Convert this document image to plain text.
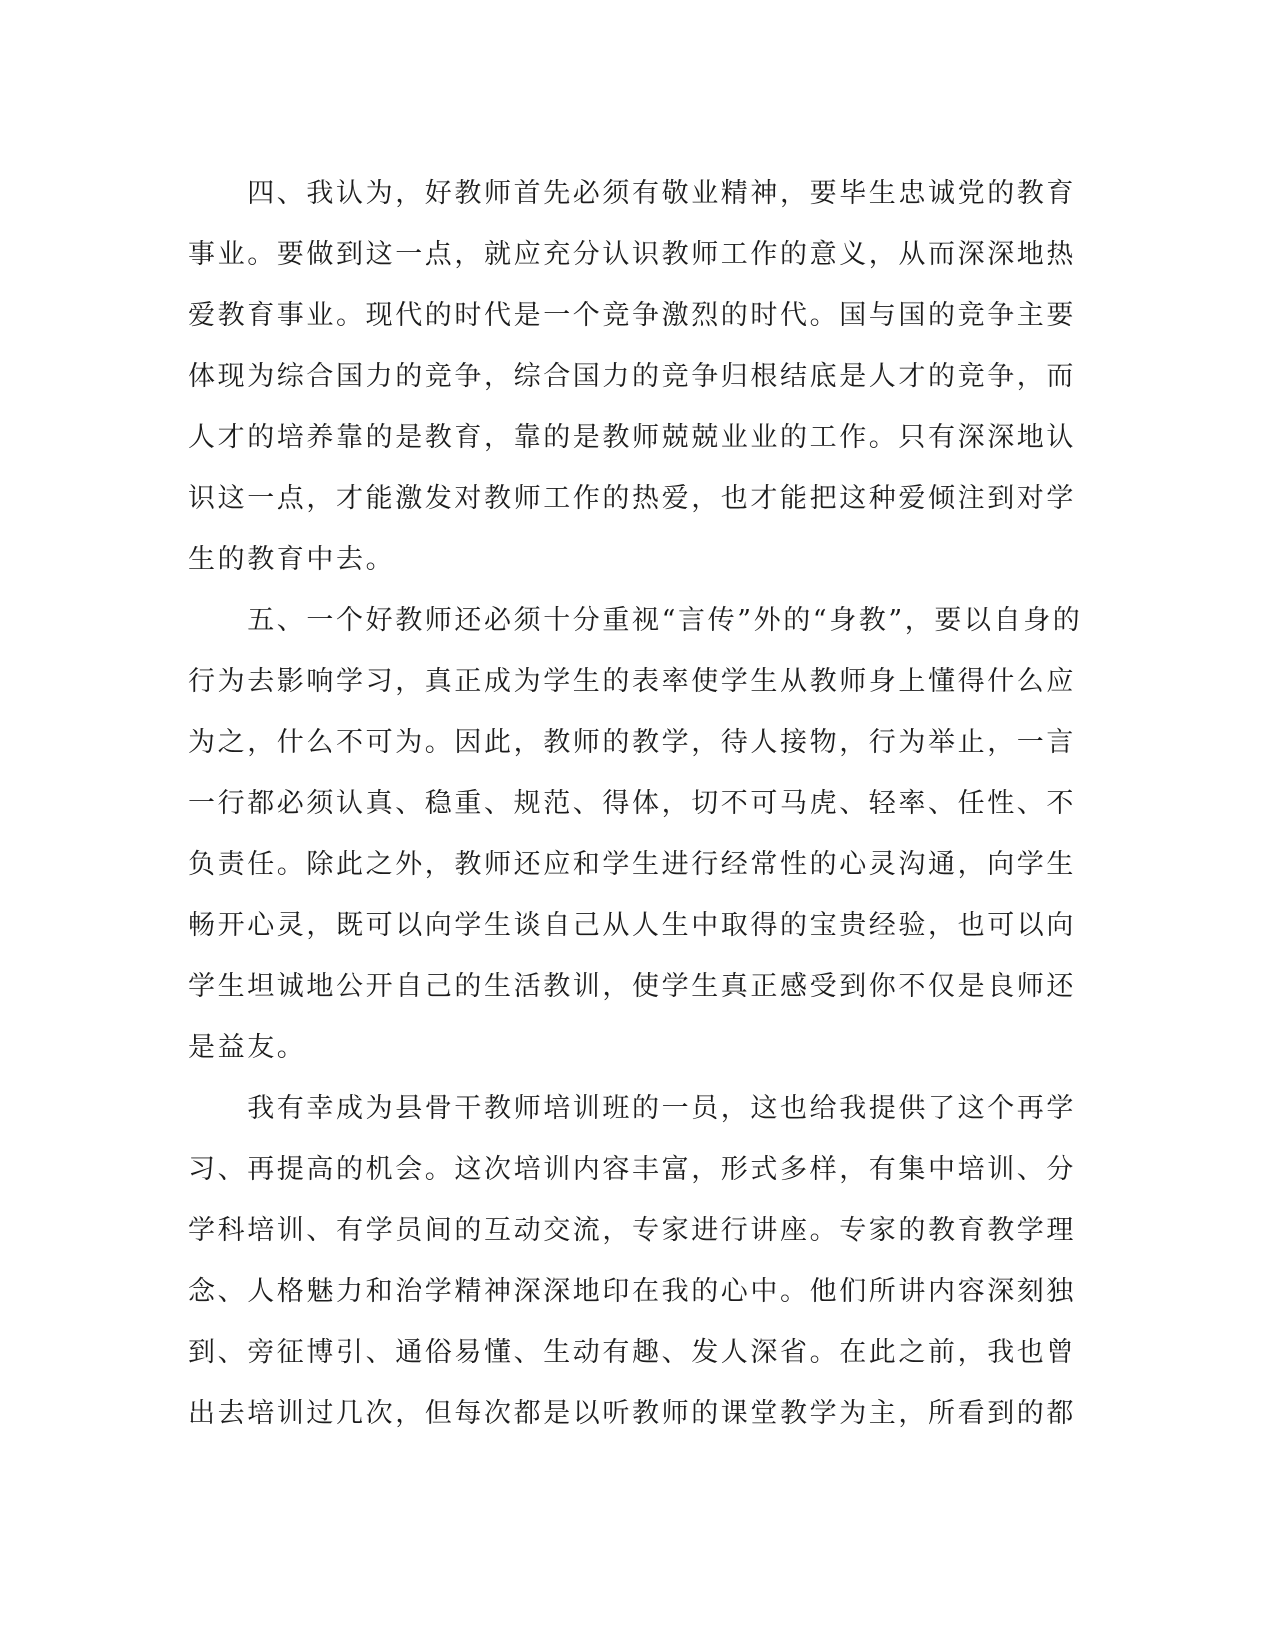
　　四、我认为，好教师首先必须有敬业精神，要毕生忠诚党的教育
事业。要做到这一点，就应充分认识教师工作的意义，从而深深地热
爱教育事业。现代的时代是一个竞争激烈的时代。国与国的竞争主要
体现为综合国力的竞争，综合国力的竞争归根结底是人才的竞争，而
人才的培养靠的是教育，靠的是教师兢兢业业的工作。只有深深地认
识这一点，才能激发对教师工作的热爱，也才能把这种爱倾注到对学
生的教育中去。
　　五、一个好教师还必须十分重视“言传”外的“身教”，要以自身的
行为去影响学习，真正成为学生的表率使学生从教师身上懂得什么应
为之，什么不可为。因此，教师的教学，待人接物，行为举止，一言
一行都必须认真、稳重、规范、得体，切不可马虎、轻率、任性、不
负责任。除此之外，教师还应和学生进行经常性的心灵沟通，向学生
畅开心灵，既可以向学生谈自己从人生中取得的宝贵经验，也可以向
学生坦诚地公开自己的生活教训，使学生真正感受到你不仅是良师还
是益友。
　　我有幸成为县骨干教师培训班的一员，这也给我提供了这个再学
习、再提高的机会。这次培训内容丰富，形式多样，有集中培训、分
学科培训、有学员间的互动交流，专家进行讲座。专家的教育教学理
念、人格魅力和治学精神深深地印在我的心中。他们所讲内容深刻独
到、旁征博引、通俗易懂、生动有趣、发人深省。在此之前，我也曾
出去培训过几次，但每次都是以听教师的课堂教学为主，所看到的都
